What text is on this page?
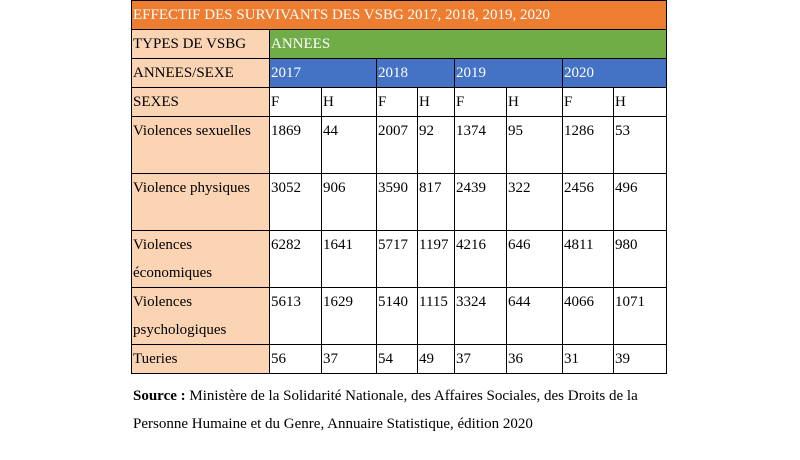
EFFECTIF DES SURVIVANTS DES VSBG 2017, 2018, 2019, 2020								
TYPES DE VSBG	ANNEES							
ANNEES/SEXE	2017		2018		2019		2020	
SEXES	F	H	F	H	F	H	F	H
Violences sexuelles	1869	44	2007	92	1374	95	1286	53
Violence physiques	3052	906	3590	817	2439	322	2456	496
Violences économiques	6282	1641	5717	1197	4216	646	4811	980
Violences psychologiques	5613	1629	5140	1115	3324	644	4066	1071
Tueries	56	37	54	49	37	36	31	39
Source : Ministère de la Solidarité Nationale, des Affaires Sociales, des Droits de la Personne Humaine et du Genre, Annuaire Statistique, édition 2020
